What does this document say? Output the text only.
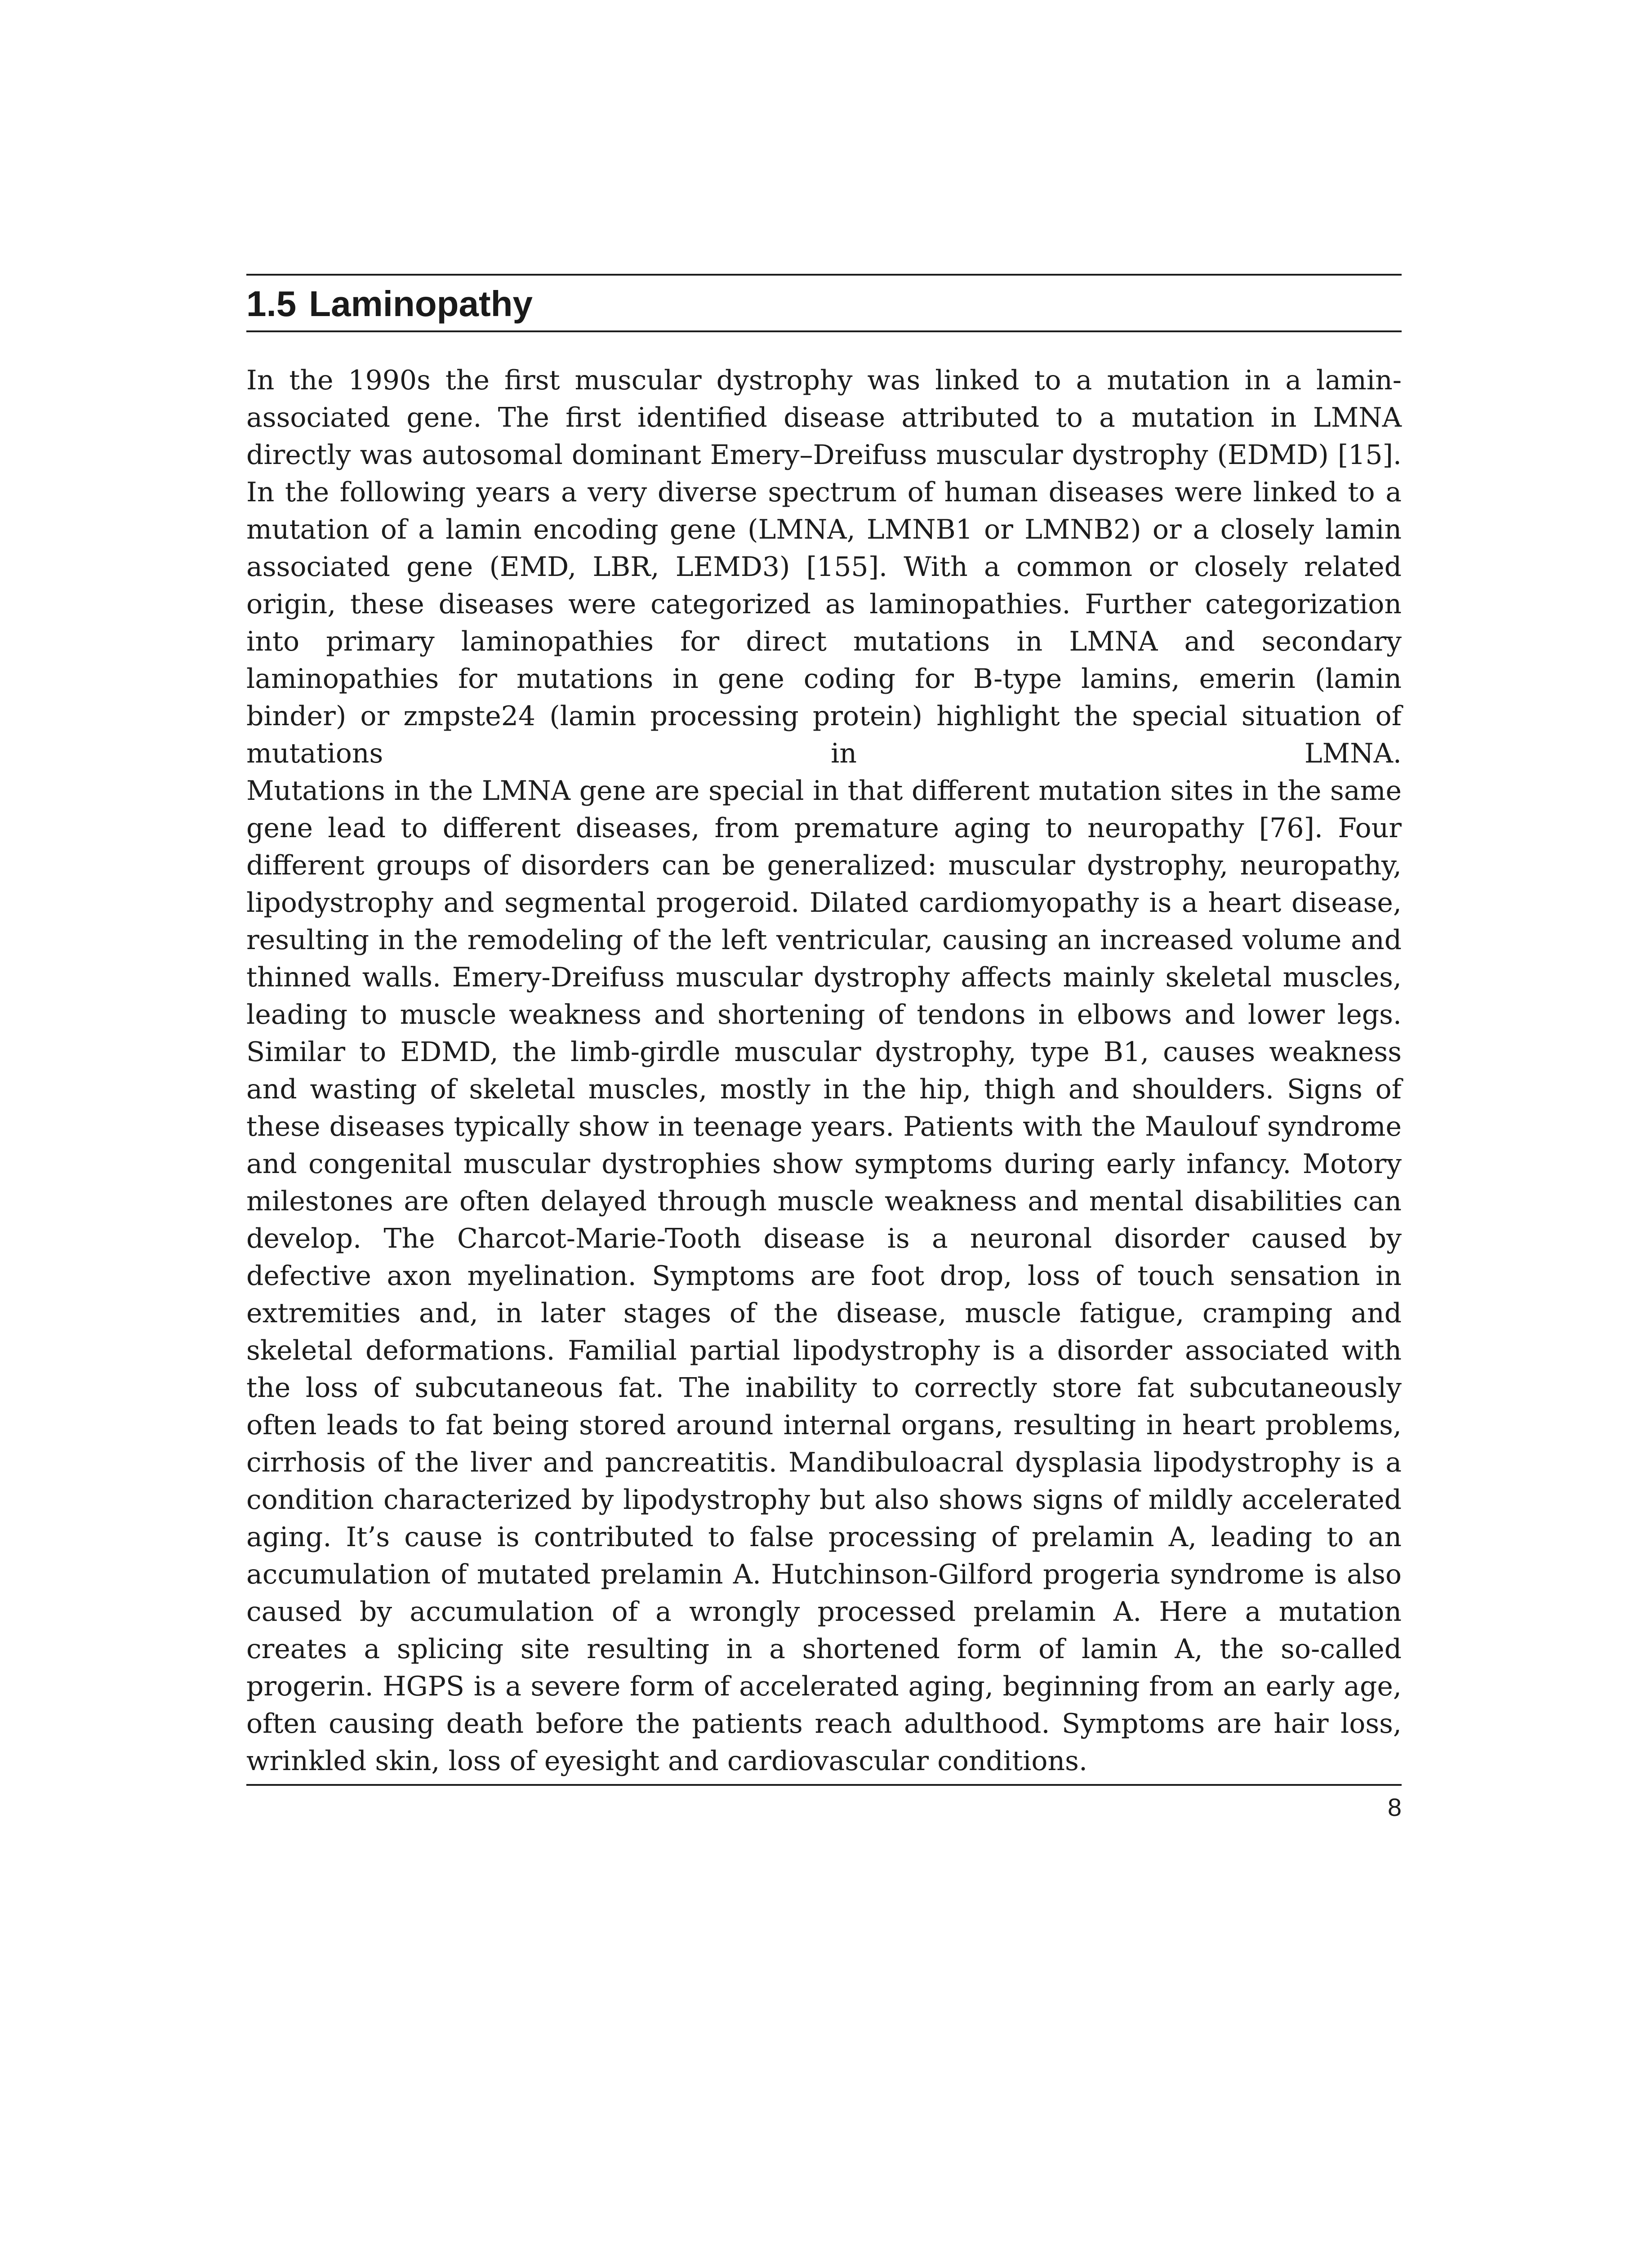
1.5 Laminopathy

In the 1990s the first muscular dystrophy was linked to a mutation in a lamin-associated gene. The first identified disease attributed to a mutation in LMNA directly was autosomal dominant Emery–Dreifuss muscular dystrophy (EDMD) [15]. In the following years a very diverse spectrum of human diseases were linked to a mutation of a lamin encoding gene (LMNA, LMNB1 or LMNB2) or a closely lamin associated gene (EMD, LBR, LEMD3) [155]. With a common or closely related origin, these diseases were categorized as laminopathies. Further categorization into primary laminopathies for direct mutations in LMNA and secondary laminopathies for mutations in gene coding for B-type lamins, emerin (lamin binder) or zmpste24 (lamin processing protein) highlight the special situation of mutations in LMNA.

Mutations in the LMNA gene are special in that different mutation sites in the same gene lead to different diseases, from premature aging to neuropathy [76]. Four different groups of disorders can be generalized: muscular dystrophy, neuropathy, lipodystrophy and segmental progeroid. Dilated cardiomyopathy is a heart disease, resulting in the remodeling of the left ventricular, causing an increased volume and thinned walls. Emery-Dreifuss muscular dystrophy affects mainly skeletal muscles, leading to muscle weakness and shortening of tendons in elbows and lower legs. Similar to EDMD, the limb-girdle muscular dystrophy, type B1, causes weakness and wasting of skeletal muscles, mostly in the hip, thigh and shoulders. Signs of these diseases typically show in teenage years. Patients with the Maulouf syndrome and congenital muscular dystrophies show symptoms during early infancy. Motory milestones are often delayed through muscle weakness and mental disabilities can develop. The Charcot-Marie-Tooth disease is a neuronal disorder caused by defective axon myelination. Symptoms are foot drop, loss of touch sensation in extremities and, in later stages of the disease, muscle fatigue, cramping and skeletal deformations. Familial partial lipodystrophy is a disorder associated with the loss of subcutaneous fat. The inability to correctly store fat subcutaneously often leads to fat being stored around internal organs, resulting in heart problems, cirrhosis of the liver and pancreatitis. Mandibuloacral dysplasia lipodystrophy is a condition characterized by lipodystrophy but also shows signs of mildly accelerated aging. It’s cause is contributed to false processing of prelamin A, leading to an accumulation of mutated prelamin A. Hutchinson-Gilford progeria syndrome is also caused by accumulation of a wrongly processed prelamin A. Here a mutation creates a splicing site resulting in a shortened form of lamin A, the so-called progerin. HGPS is a severe form of accelerated aging, beginning from an early age, often causing death before the patients reach adulthood. Symptoms are hair loss, wrinkled skin, loss of eyesight and cardiovascular conditions.

8
